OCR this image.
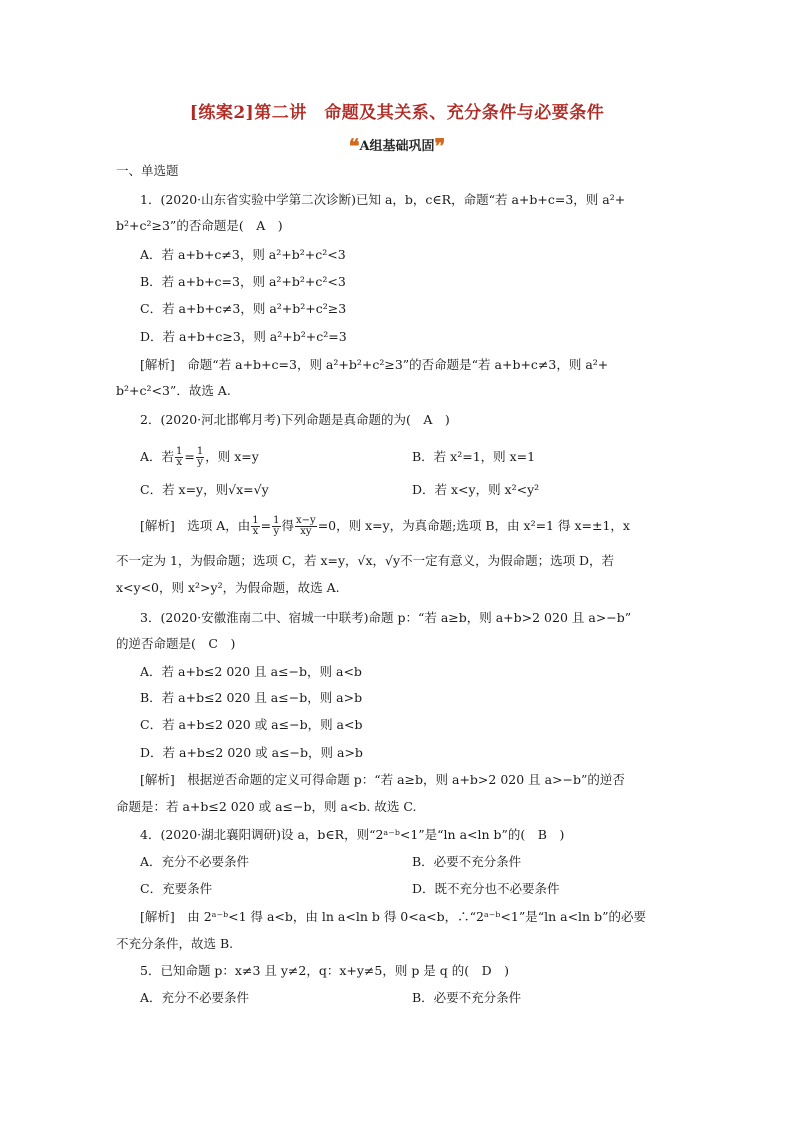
[练案2]第二讲　命题及其关系、充分条件与必要条件
❝A组基础巩固❞
一、单选题
1．(2020·山东省实验中学第二次诊断)已知 a，b，c∈R，命题“若 a+b+c=3，则 a²+
b²+c²≥3”的否命题是(　A　)
A．若 a+b+c≠3，则 a²+b²+c²<3
B．若 a+b+c=3，则 a²+b²+c²<3
C．若 a+b+c≠3，则 a²+b²+c²≥3
D．若 a+b+c≥3，则 a²+b²+c²=3
[解析]　命题“若 a+b+c=3，则 a²+b²+c²≥3”的否命题是“若 a+b+c≠3，则 a²+
b²+c²<3”．故选 A.
2．(2020·河北邯郸月考)下列命题是真命题的为(　A　)
A．若 $\frac{1}{x} = \frac{1}{y}$ ，则 x=y	B．若 x²=1，则 x=1
C．若 x=y，则√x=√y	D．若 x<y，则 x²<y²
[解析]　选项 A，由 $\frac{1}{x} = \frac{1}{y}$ 得 $\frac{x-y}{xy} =0$，则 x=y，为真命题;选项 B，由 x²=1 得 x=±1，x
不一定为 1，为假命题；选项 C，若 x=y，√x，√y不一定有意义，为假命题；选项 D，若
x<y<0，则 x²>y²，为假命题，故选 A.
3．(2020·安徽淮南二中、宿城一中联考)命题 p：“若 a≥b，则 a+b>2 020 且 a>−b”
的逆否命题是(　C　)
A．若 a+b≤2 020 且 a≤−b，则 a<b
B．若 a+b≤2 020 且 a≤−b，则 a>b
C．若 a+b≤2 020 或 a≤−b，则 a<b
D．若 a+b≤2 020 或 a≤−b，则 a>b
[解析]　根据逆否命题的定义可得命题 p：“若 a≥b，则 a+b>2 020 且 a>−b”的逆否
命题是：若 a+b≤2 020 或 a≤−b，则 a<b. 故选 C.
4．(2020·湖北襄阳调研)设 a，b∈R，则“2ᵃ⁻ᵇ<1”是“ln a<ln b”的(　B　)
A．充分不必要条件	B．必要不充分条件
C．充要条件	D．既不充分也不必要条件
[解析]　由 2ᵃ⁻ᵇ<1 得 a<b，由 ln a<ln b 得 0<a<b，∴“2ᵃ⁻ᵇ<1”是“ln a<ln b”的必要
不充分条件，故选 B.
5．已知命题 p：x≠3 且 y≠2，q：x+y≠5，则 p 是 q 的(　D　)
A．充分不必要条件	B．必要不充分条件
